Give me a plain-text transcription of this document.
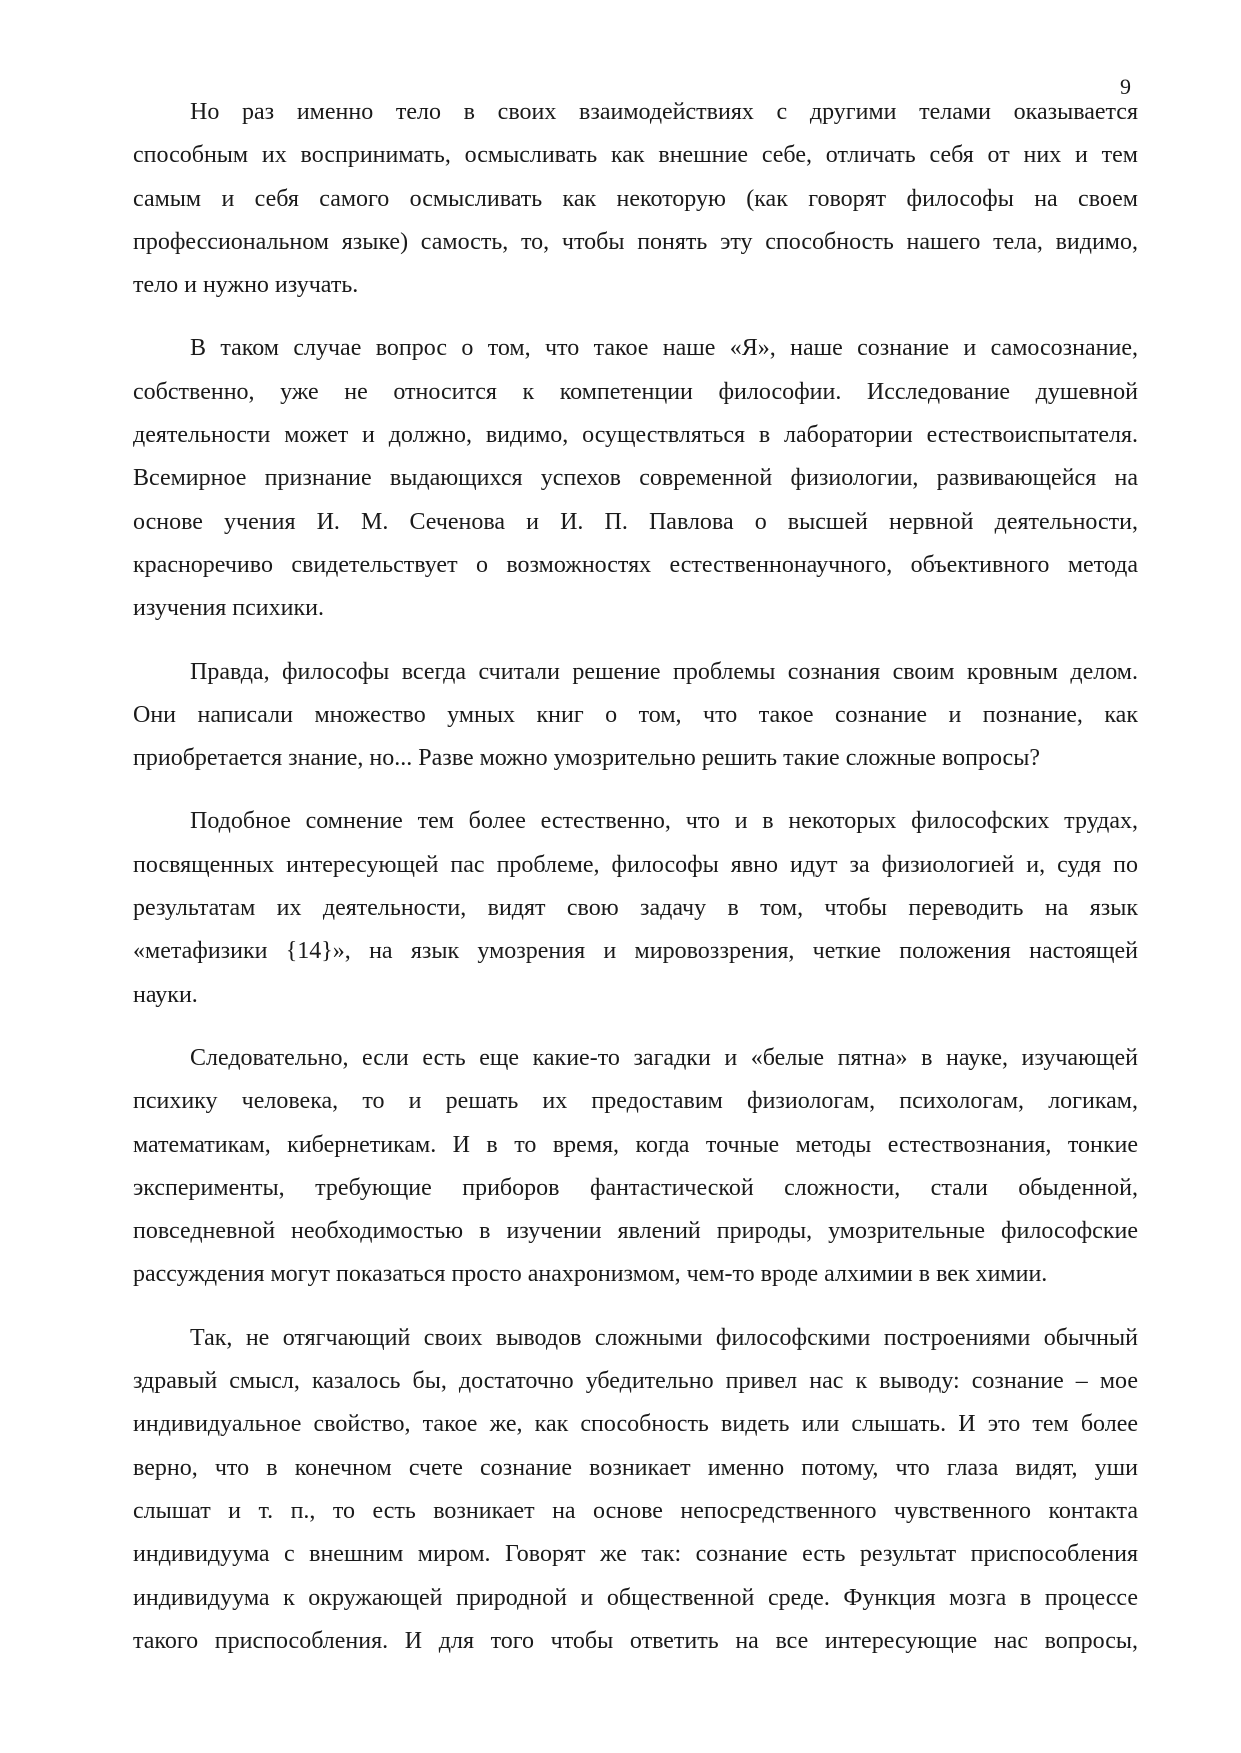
9
Но раз именно тело в своих взаимодействиях с другими телами оказывается
способным их воспринимать, осмысливать как внешние себе, отличать себя от них и тем
самым и себя самого осмысливать как некоторую (как говорят философы на своем
профессиональном языке) самость, то, чтобы понять эту способность нашего тела, видимо,
тело и нужно изучать.
В таком случае вопрос о том, что такое наше «Я», наше сознание и самосознание,
собственно, уже не относится к компетенции философии. Исследование душевной
деятельности может и должно, видимо, осуществляться в лаборатории естествоиспытателя.
Всемирное признание выдающихся успехов современной физиологии, развивающейся на
основе учения И. М. Сеченова и И. П. Павлова о высшей нервной деятельности,
красноречиво свидетельствует о возможностях естественнонаучного, объективного метода
изучения психики.
Правда, философы всегда считали решение проблемы сознания своим кровным делом.
Они написали множество умных книг о том, что такое сознание и познание, как
приобретается знание, но... Разве можно умозрительно решить такие сложные вопросы?
Подобное сомнение тем более естественно, что и в некоторых философских трудах,
посвященных интересующей пас проблеме, философы явно идут за физиологией и, судя по
результатам их деятельности, видят свою задачу в том, чтобы переводить на язык
«метафизики {14}», на язык умозрения и мировоззрения, четкие положения настоящей
науки.
Следовательно, если есть еще какие-то загадки и «белые пятна» в науке, изучающей
психику человека, то и решать их предоставим физиологам, психологам, логикам,
математикам, кибернетикам. И в то время, когда точные методы естествознания, тонкие
эксперименты, требующие приборов фантастической сложности, стали обыденной,
повседневной необходимостью в изучении явлений природы, умозрительные философские
рассуждения могут показаться просто анахронизмом, чем-то вроде алхимии в век химии.
Так, не отягчающий своих выводов сложными философскими построениями обычный
здравый смысл, казалось бы, достаточно убедительно привел нас к выводу: сознание – мое
индивидуальное свойство, такое же, как способность видеть или слышать. И это тем более
верно, что в конечном счете сознание возникает именно потому, что глаза видят, уши
слышат и т. п., то есть возникает на основе непосредственного чувственного контакта
индивидуума с внешним миром. Говорят же так: сознание есть результат приспособления
индивидуума к окружающей природной и общественной среде. Функция мозга в процессе
такого приспособления. И для того чтобы ответить на все интересующие нас вопросы,
